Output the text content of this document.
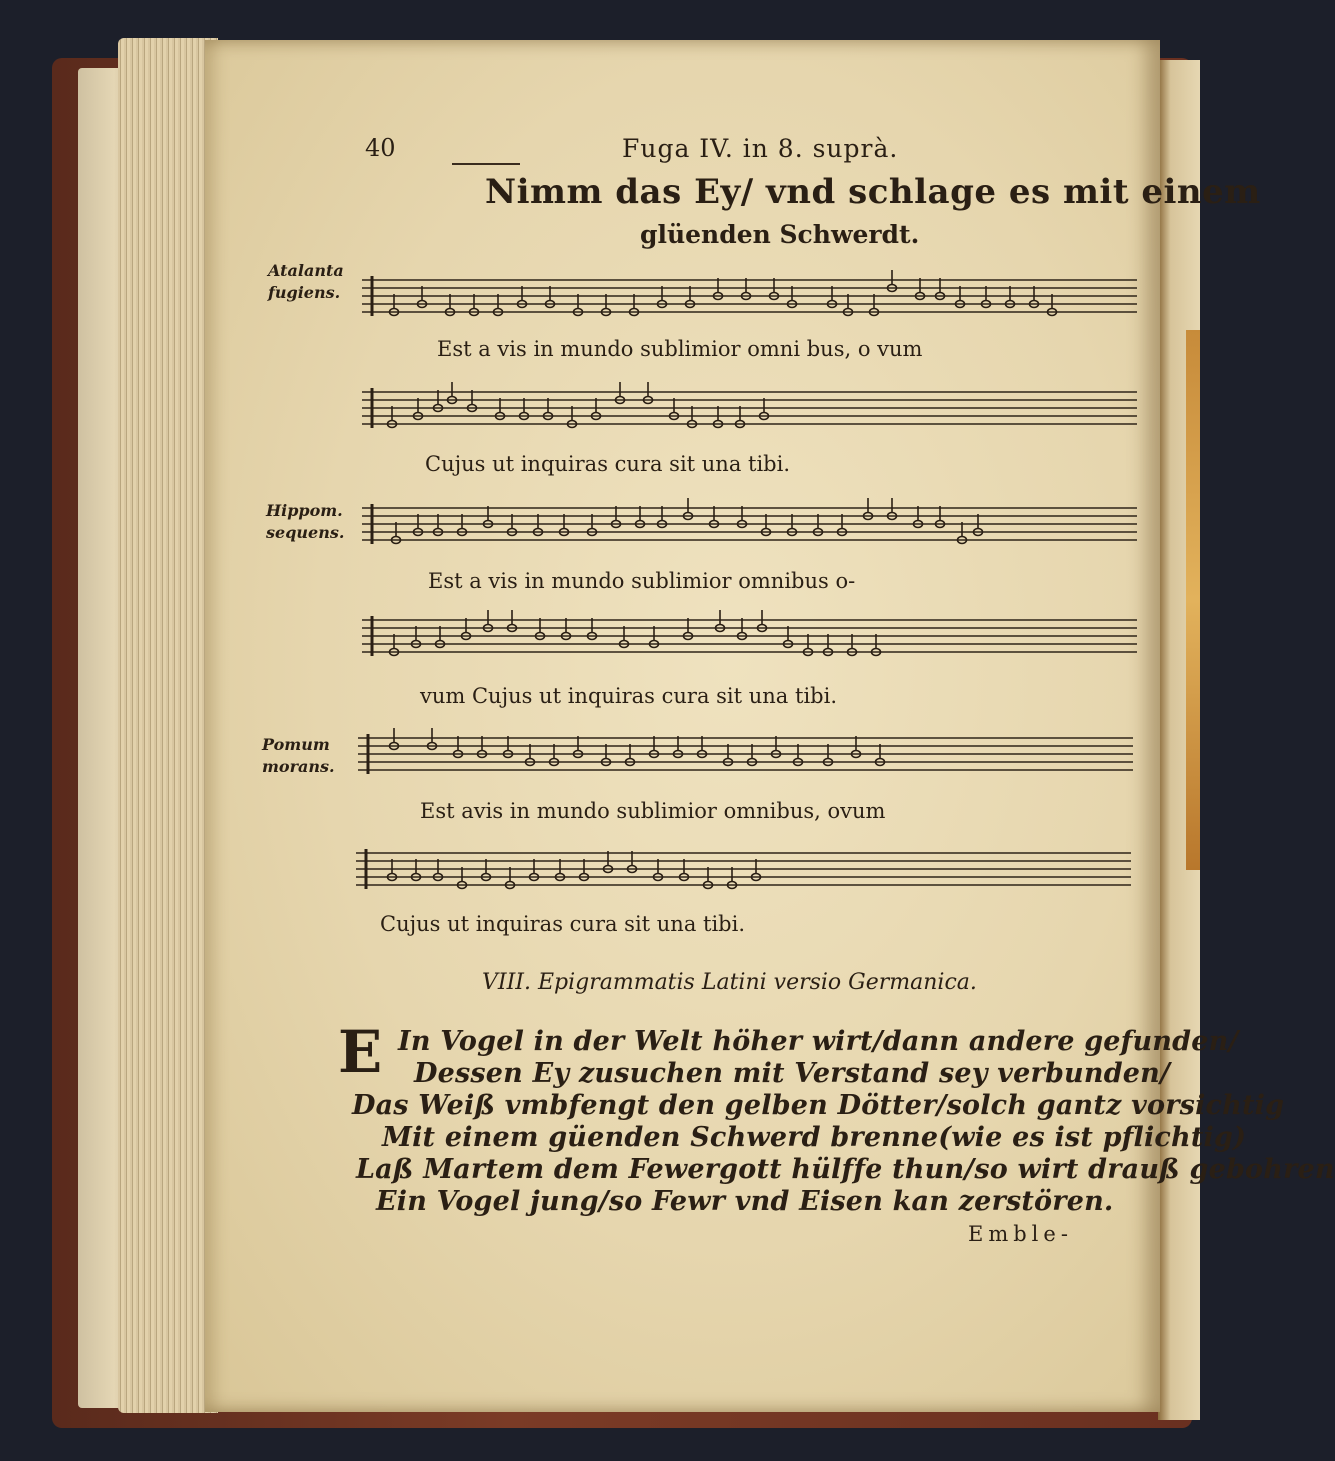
40	Fuga IV. in 8. suprà.
Nimm das Ey/ vnd schlage es mit einem
glüenden Schwerdt.
Atalanta
fugiens.
Est a vis in mundo sublimior omni bus, o vum
Cujus ut inquiras cura sit una tibi.
Hippom.
sequens.
Est a vis in mundo sublimior omnibus o-
vum Cujus ut inquiras cura sit una tibi.
Pomum
morans.
Est avis in mundo sublimior omnibus, ovum
Cujus ut inquiras cura sit una tibi.
VIII. Epigrammatis Latini versio Germanica.
E In Vogel in der Welt höher wirt/dann andere gefunden/
Dessen Ey zusuchen mit Verstand sey verbunden/
Das Weiß vmbfengt den gelben Dötter/solch gantz vorsichtig
Mit einem güenden Schwerd brenne(wie es ist pflichtig)
Laß Martem dem Fewergott hülffe thun/so wirt drauß gebohren
Ein Vogel jung/so Fewr vnd Eisen kan zerstören.
Emble-
